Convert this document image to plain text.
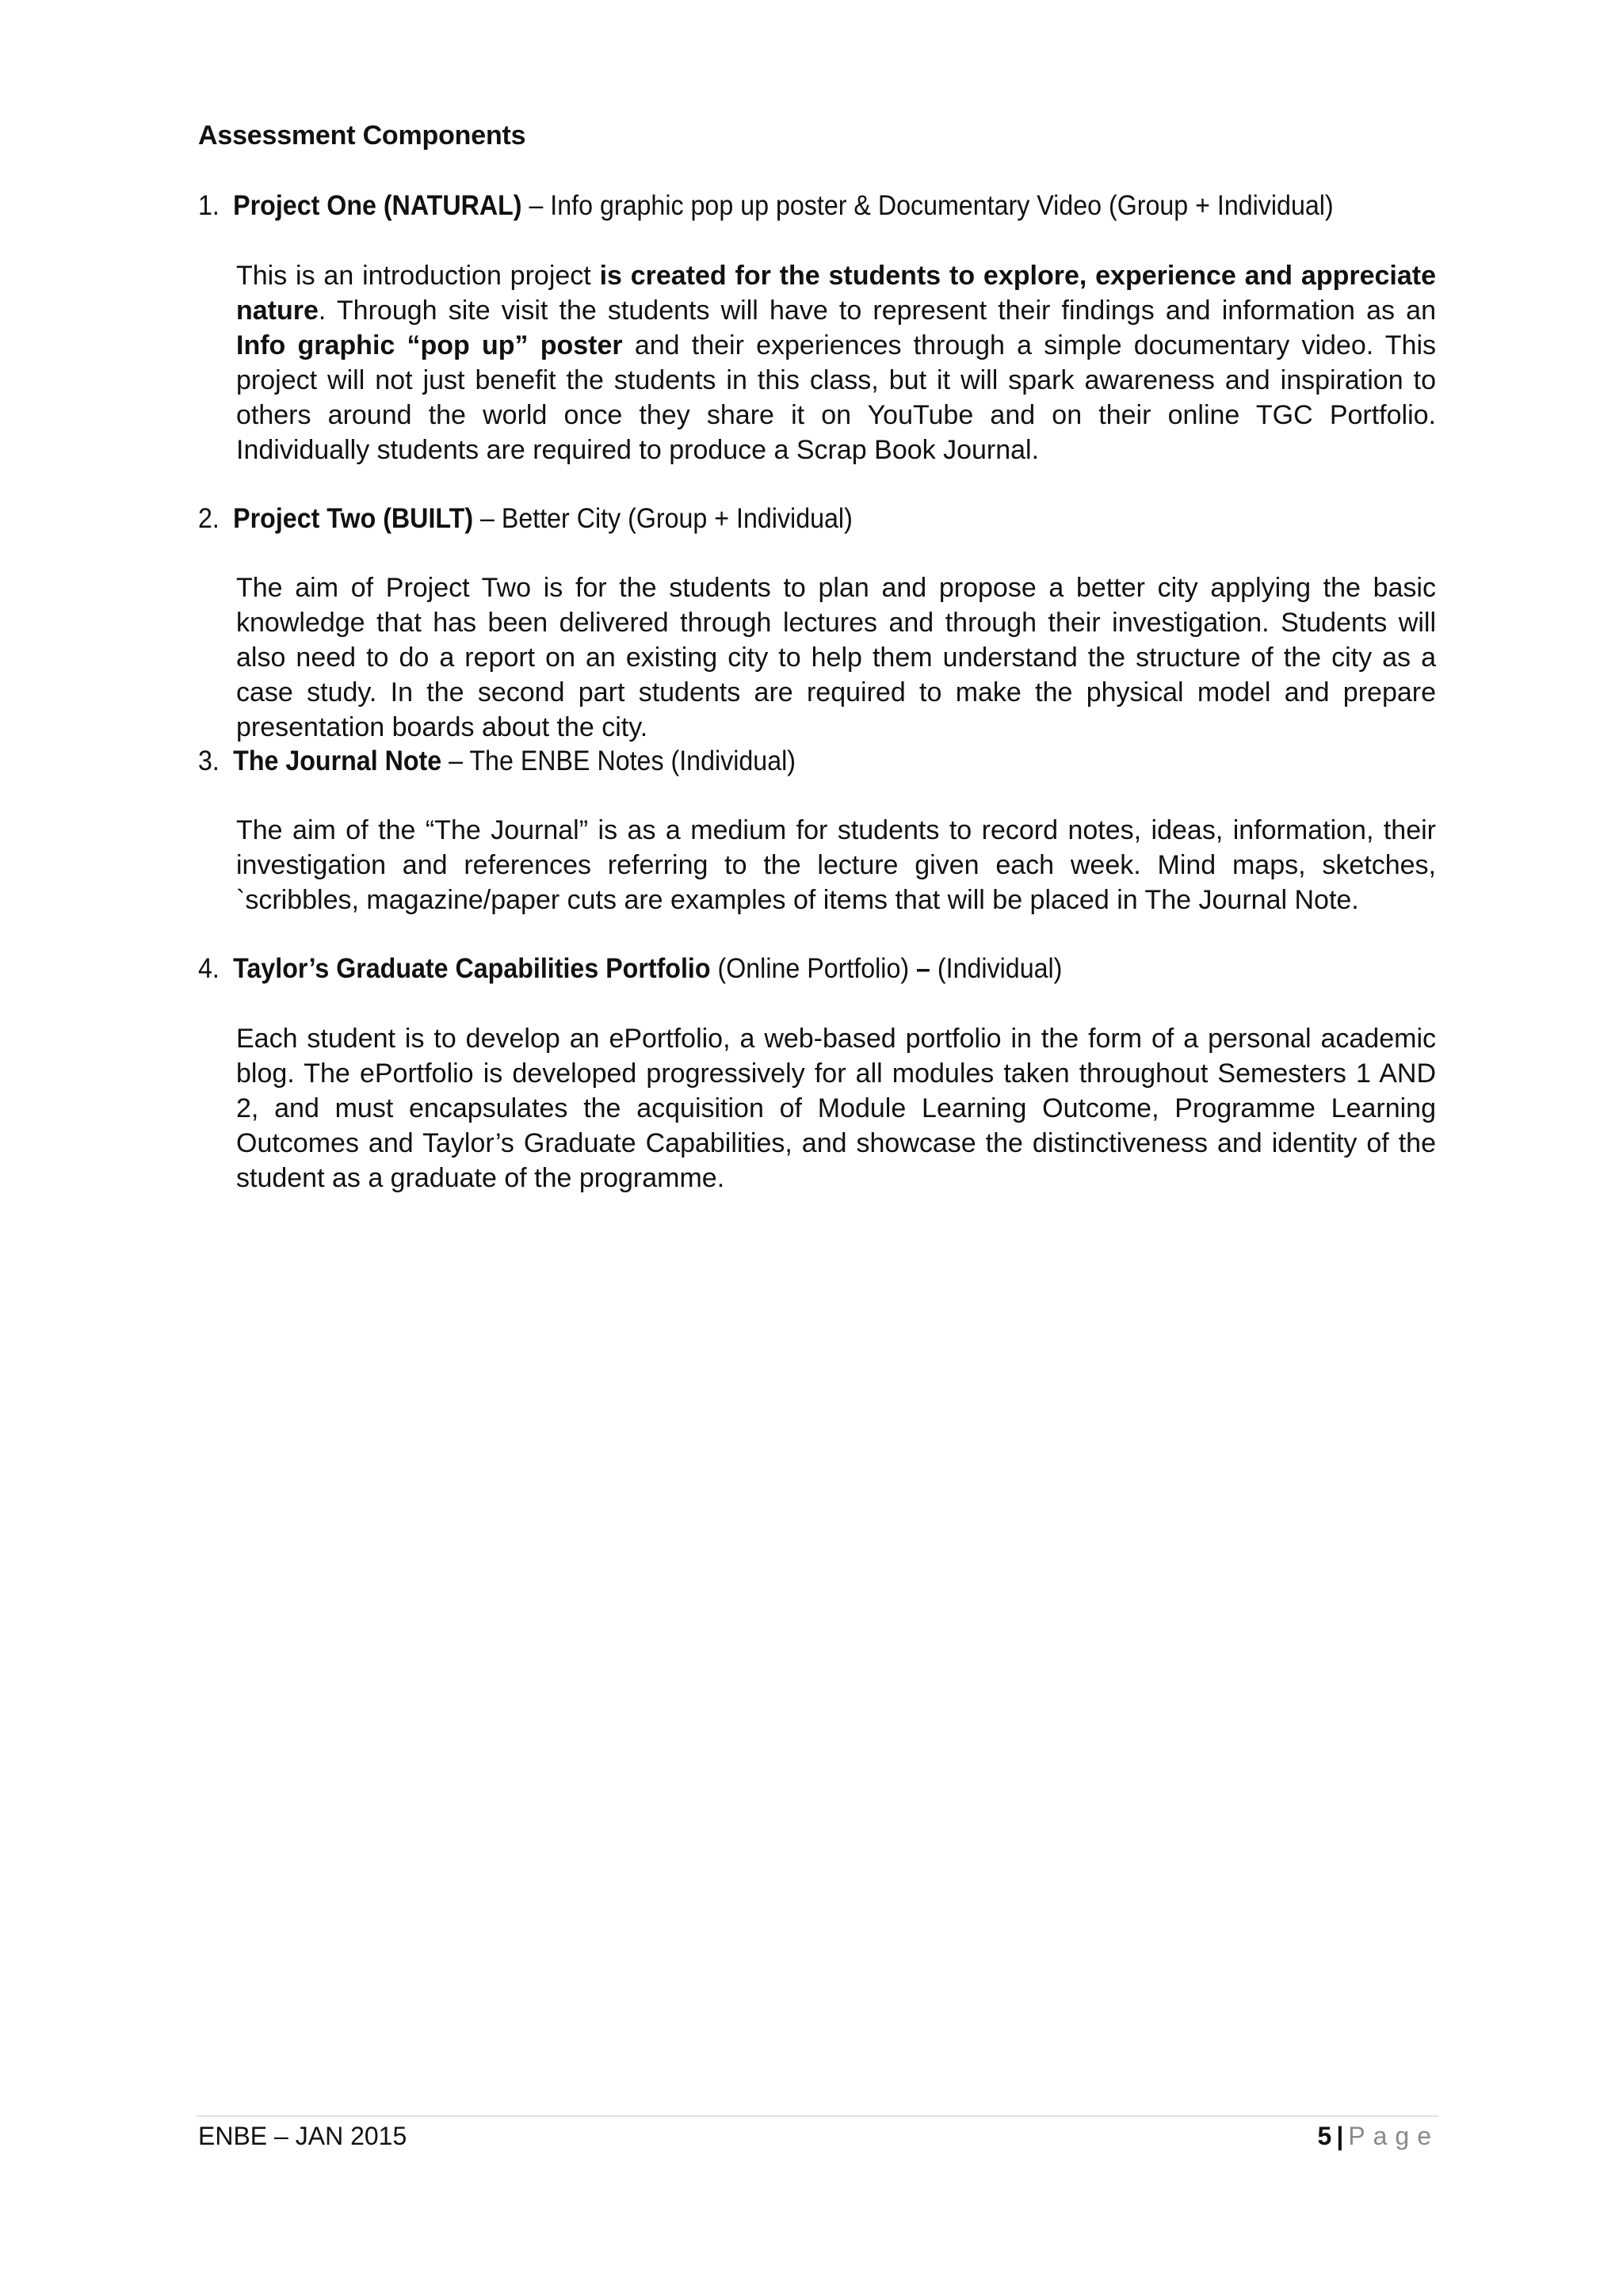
Assessment Components
1. Project One (NATURAL) – Info graphic pop up poster & Documentary Video (Group + Individual)
This is an introduction project is created for the students to explore, experience and appreciate nature. Through site visit the students will have to represent their findings and information as an Info graphic “pop up” poster and their experiences through a simple documentary video. This project will not just benefit the students in this class, but it will spark awareness and inspiration to others around the world once they share it on YouTube and on their online TGC Portfolio. Individually students are required to produce a Scrap Book Journal.
2. Project Two (BUILT) – Better City (Group + Individual)
The aim of Project Two is for the students to plan and propose a better city applying the basic knowledge that has been delivered through lectures and through their investigation. Students will also need to do a report on an existing city to help them understand the structure of the city as a case study. In the second part students are required to make the physical model and prepare presentation boards about the city.
3. The Journal Note – The ENBE Notes (Individual)
The aim of the “The Journal” is as a medium for students to record notes, ideas, information, their investigation and references referring to the lecture given each week. Mind maps, sketches, `scribbles, magazine/paper cuts are examples of items that will be placed in The Journal Note.
4. Taylor’s Graduate Capabilities Portfolio (Online Portfolio) – (Individual)
Each student is to develop an ePortfolio, a web-based portfolio in the form of a personal academic blog. The ePortfolio is developed progressively for all modules taken throughout Semesters 1 AND 2, and must encapsulates the acquisition of Module Learning Outcome, Programme Learning Outcomes and Taylor’s Graduate Capabilities, and showcase the distinctiveness and identity of the student as a graduate of the programme.
ENBE – JAN 2015	5 | Page
